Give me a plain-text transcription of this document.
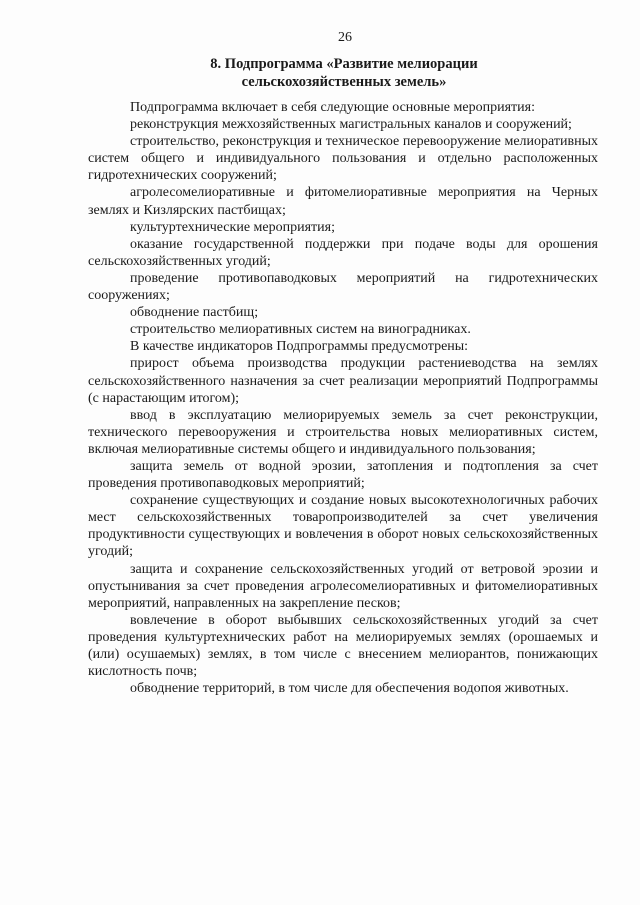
26
8. Подпрограмма «Развитие мелиорации
сельскохозяйственных земель»

Подпрограмма включает в себя следующие основные мероприятия:

реконструкция межхозяйственных магистральных каналов и сооружений;

строительство, реконструкция и техническое перевооружение мелиоративных систем общего и индивидуального пользования и отдельно расположенных гидротехнических сооружений;

агролесомелиоративные и фитомелиоративные мероприятия на Черных землях и Кизлярских пастбищах;

культуртехнические мероприятия;

оказание государственной поддержки при подаче воды для орошения сельскохозяйственных угодий;

проведение противопаводковых мероприятий на гидротехнических сооружениях;

обводнение пастбищ;

строительство мелиоративных систем на виноградниках.

В качестве индикаторов Подпрограммы предусмотрены:

прирост объема производства продукции растениеводства на землях сельскохозяйственного назначения за счет реализации мероприятий Подпрограммы (с нарастающим итогом);

ввод в эксплуатацию мелиорируемых земель за счет реконструкции, технического перевооружения и строительства новых мелиоративных систем, включая мелиоративные системы общего и индивидуального пользования;

защита земель от водной эрозии, затопления и подтопления за счет проведения противопаводковых мероприятий;

сохранение существующих и создание новых высокотехнологичных рабочих мест сельскохозяйственных товаропроизводителей за счет увеличения продуктивности существующих и вовлечения в оборот новых сельскохозяйственных угодий;

защита и сохранение сельскохозяйственных угодий от ветровой эрозии и опустынивания за счет проведения агролесомелиоративных и фитомелиоративных мероприятий, направленных на закрепление песков;

вовлечение в оборот выбывших сельскохозяйственных угодий за счет проведения культуртехнических работ на мелиорируемых землях (орошаемых и (или) осушаемых) землях, в том числе с внесением мелиорантов, понижающих кислотность почв;

обводнение территорий, в том числе для обеспечения водопоя животных.
